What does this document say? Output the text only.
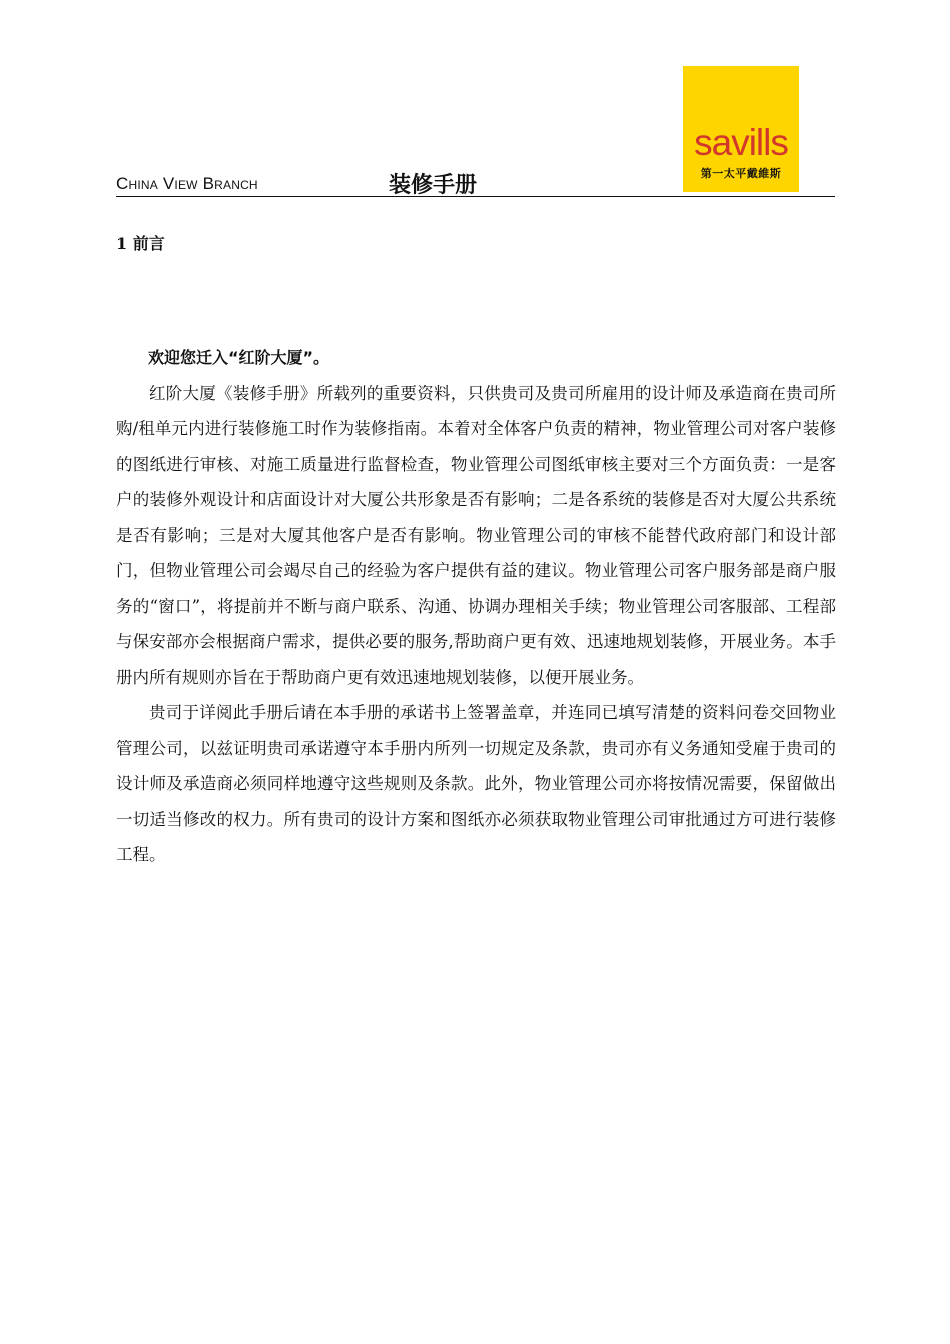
China View Branch	装修手册
savills
第一太平戴維斯
1 前言

欢迎您迁入“红阶大厦”。

红阶大厦《装修手册》所载列的重要资料，只供贵司及贵司所雇用的设计师及承造商在贵司所购/租单元内进行装修施工时作为装修指南。本着对全体客户负责的精神，物业管理公司对客户装修的图纸进行审核、对施工质量进行监督检查，物业管理公司图纸审核主要对三个方面负责：一是客户的装修外观设计和店面设计对大厦公共形象是否有影响；二是各系统的装修是否对大厦公共系统是否有影响；三是对大厦其他客户是否有影响。物业管理公司的审核不能替代政府部门和设计部门，但物业管理公司会竭尽自己的经验为客户提供有益的建议。物业管理公司客户服务部是商户服务的“窗口”，将提前并不断与商户联系、沟通、协调办理相关手续；物业管理公司客服部、工程部与保安部亦会根据商户需求，提供必要的服务,帮助商户更有效、迅速地规划装修，开展业务。本手册内所有规则亦旨在于帮助商户更有效迅速地规划装修，以便开展业务。

贵司于详阅此手册后请在本手册的承诺书上签署盖章，并连同已填写清楚的资料问卷交回物业管理公司，以兹证明贵司承诺遵守本手册内所列一切规定及条款，贵司亦有义务通知受雇于贵司的设计师及承造商必须同样地遵守这些规则及条款。此外，物业管理公司亦将按情况需要，保留做出一切适当修改的权力。所有贵司的设计方案和图纸亦必须获取物业管理公司审批通过方可进行装修工程。
